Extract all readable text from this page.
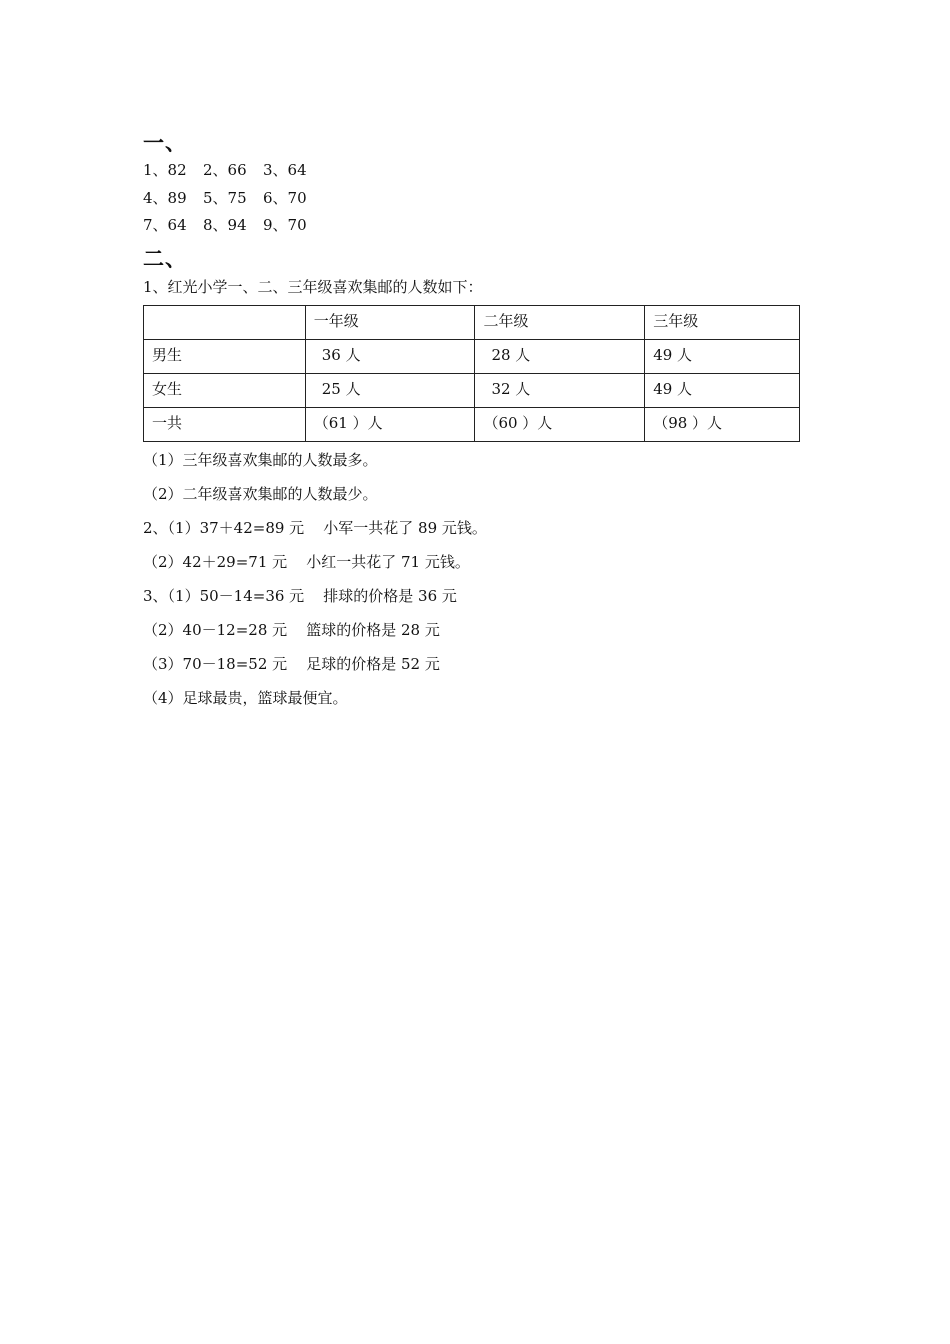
一、
1、82 2、66 3、64
4、89 5、75 6、70
7、64 8、94 9、70
二、
1、红光小学一、二、三年级喜欢集邮的人数如下：
	一年级	二年级	三年级
男生	36 人	28 人	49 人
女生	25 人	32 人	49 人
一共	（61 ）人	（60 ）人	（98 ）人
（1）三年级喜欢集邮的人数最多。
（2）二年级喜欢集邮的人数最少。
2、（1）37＋42=89 元    小军一共花了 89 元钱。
（2）42＋29=71 元    小红一共花了 71 元钱。
3、（1）50－14=36 元    排球的价格是 36 元
（2）40－12=28 元    篮球的价格是 28 元
（3）70－18=52 元    足球的价格是 52 元
（4）足球最贵，篮球最便宜。
